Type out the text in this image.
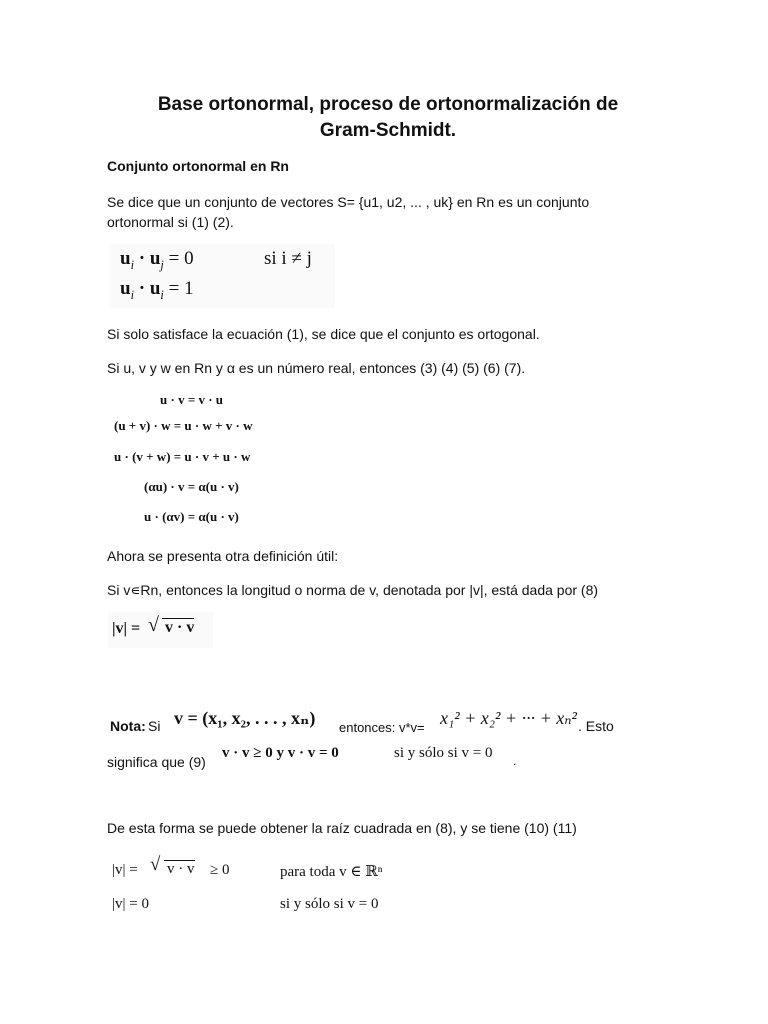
Base ortonormal, proceso de ortonormalización de
Gram-Schmidt.
Conjunto ortonormal en Rn
Se dice que un conjunto de vectores S= {u1, u2, ... , uk} en Rn es un conjunto
ortonormal si (1) (2).
$u_i \cdot u_j = 0$	si i ≠ j
$u_i \cdot u_i = 1$
Si solo satisface la ecuación (1), se dice que el conjunto es ortogonal.
Si u, v y w en Rn y α es un número real, entonces (3) (4) (5) (6) (7).
u · v = v · u
(u + v) · w = u · w + v · w
u · (v + w) = u · v + u · w
(αu) · v = α(u · v)
u · (αv) = α(u · v)
Ahora se presenta otra definición útil:
Si v∊Rn, entonces la longitud o norma de v, denotada por |v|, está dada por (8)
|v| = √ v · v
Nota: Si v = (x₁, x₂, . . . , xₙ) entonces: v*v= x₁² + x₂² + ··· + xₙ² . Esto
significa que (9)
v · v ≥ 0 y v · v = 0	si y sólo si v = 0 .
De esta forma se puede obtener la raíz cuadrada en (8), y se tiene (10) (11)
|v| = √ v · v ≥ 0	para toda v ∈ ℝⁿ
|v| = 0	si y sólo si v = 0
